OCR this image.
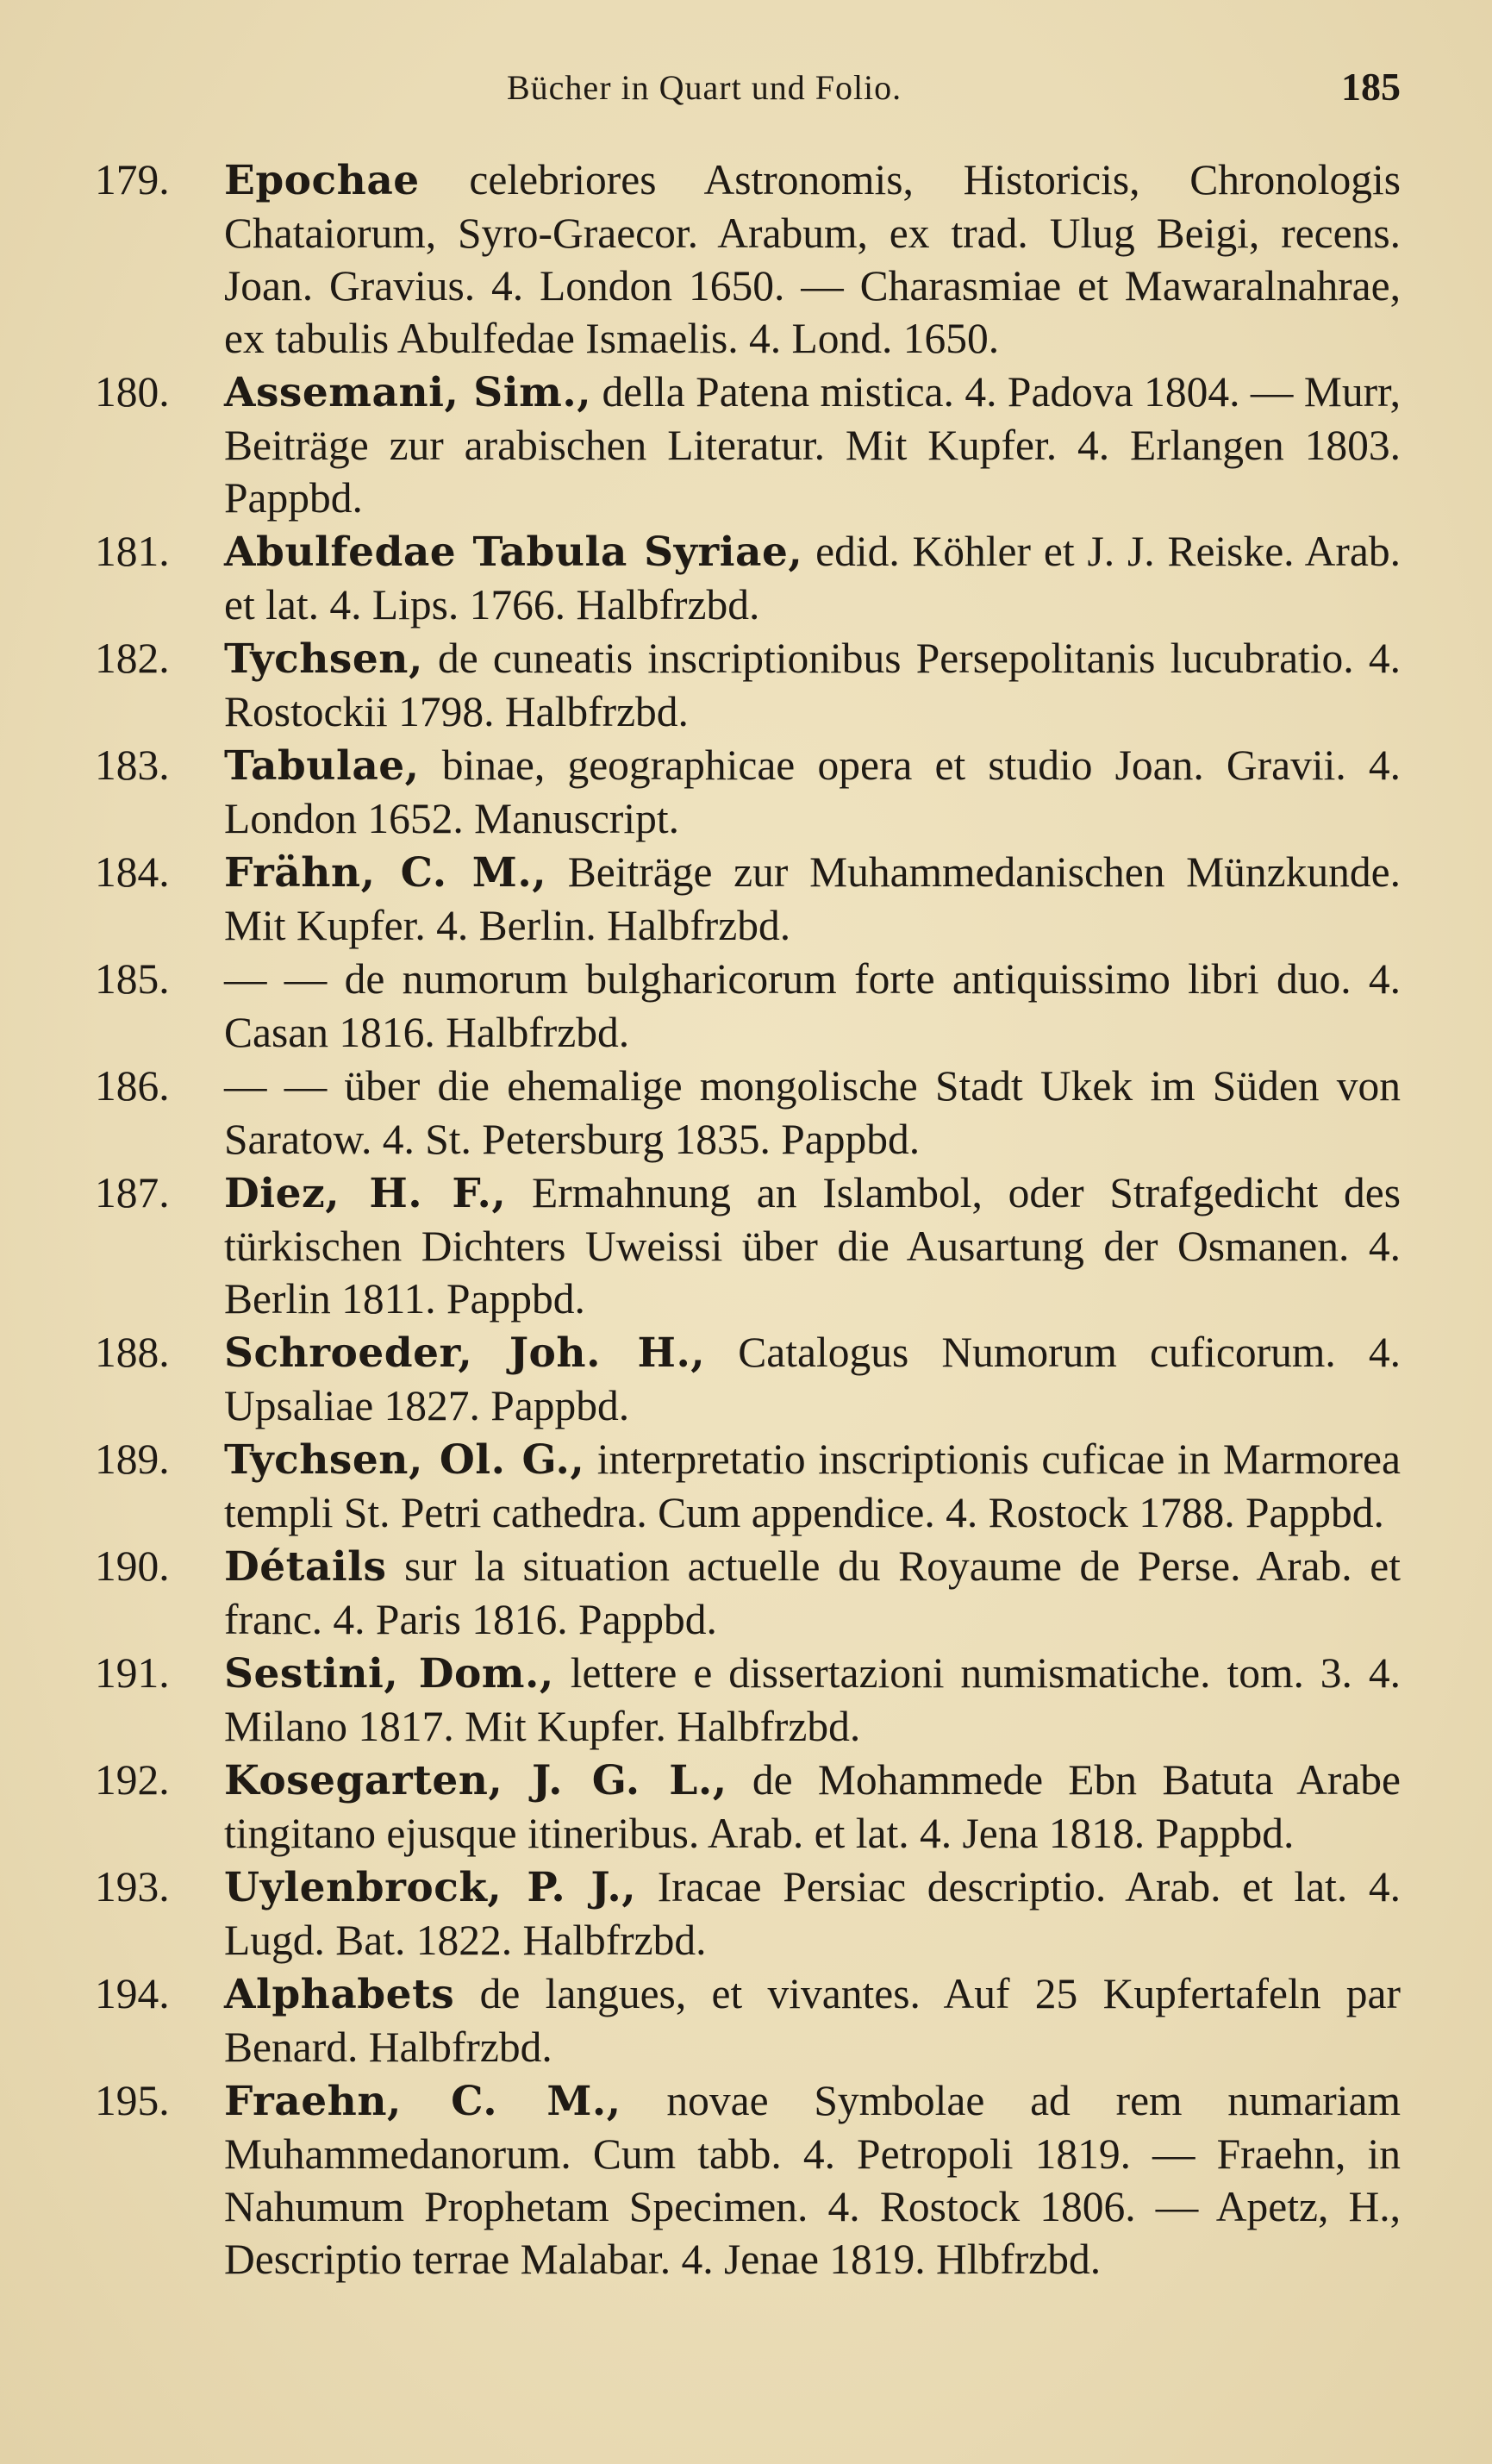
Bücher in Quart und Folio.	185
179.	Epochae celebriores Astronomis, Historicis, Chronologis Chataiorum, Syro-Graecor. Arabum, ex trad. Ulug Beigi, recens. Joan. Gravius. 4. London 1650. — Charasmiae et Mawaralnahrae, ex tabulis Abulfedae Ismaelis. 4. Lond. 1650.
180.	Assemani, Sim., della Patena mistica. 4. Padova 1804. — Murr, Beiträge zur arabischen Literatur. Mit Kupfer. 4. Erlangen 1803. Pappbd.
181.	Abulfedae Tabula Syriae, edid. Köhler et J. J. Reiske. Arab. et lat. 4. Lips. 1766. Halbfrzbd.
182.	Tychsen, de cuneatis inscriptionibus Persepolitanis lucubratio. 4. Rostockii 1798. Halbfrzbd.
183.	Tabulae, binae, geographicae opera et studio Joan. Gravii. 4. London 1652. Manuscript.
184.	Frähn, C. M., Beiträge zur Muhammedanischen Münzkunde. Mit Kupfer. 4. Berlin. Halbfrzbd.
185.	— — de numorum bulgharicorum forte antiquissimo libri duo. 4. Casan 1816. Halbfrzbd.
186.	— — über die ehemalige mongolische Stadt Ukek im Süden von Saratow. 4. St. Petersburg 1835. Pappbd.
187.	Diez, H. F., Ermahnung an Islambol, oder Strafgedicht des türkischen Dichters Uweissi über die Ausartung der Osmanen. 4. Berlin 1811. Pappbd.
188.	Schroeder, Joh. H., Catalogus Numorum cuficorum. 4. Upsaliae 1827. Pappbd.
189.	Tychsen, Ol. G., interpretatio inscriptionis cuficae in Marmorea templi St. Petri cathedra. Cum appendice. 4. Rostock 1788. Pappbd.
190.	Détails sur la situation actuelle du Royaume de Perse. Arab. et franc. 4. Paris 1816. Pappbd.
191.	Sestini, Dom., lettere e dissertazioni numismatiche. tom. 3. 4. Milano 1817. Mit Kupfer. Halbfrzbd.
192.	Kosegarten, J. G. L., de Mohammede Ebn Batuta Arabe tingitano ejusque itineribus. Arab. et lat. 4. Jena 1818. Pappbd.
193.	Uylenbrock, P. J., Iracae Persiac descriptio. Arab. et lat. 4. Lugd. Bat. 1822. Halbfrzbd.
194.	Alphabets de langues, et vivantes. Auf 25 Kupfertafeln par Benard. Halbfrzbd.
195.	Fraehn, C. M., novae Symbolae ad rem numariam Muhammedanorum. Cum tabb. 4. Petropoli 1819. — Fraehn, in Nahumum Prophetam Specimen. 4. Rostock 1806. — Apetz, H., Descriptio terrae Malabar. 4. Jenae 1819. Hlbfrzbd.
